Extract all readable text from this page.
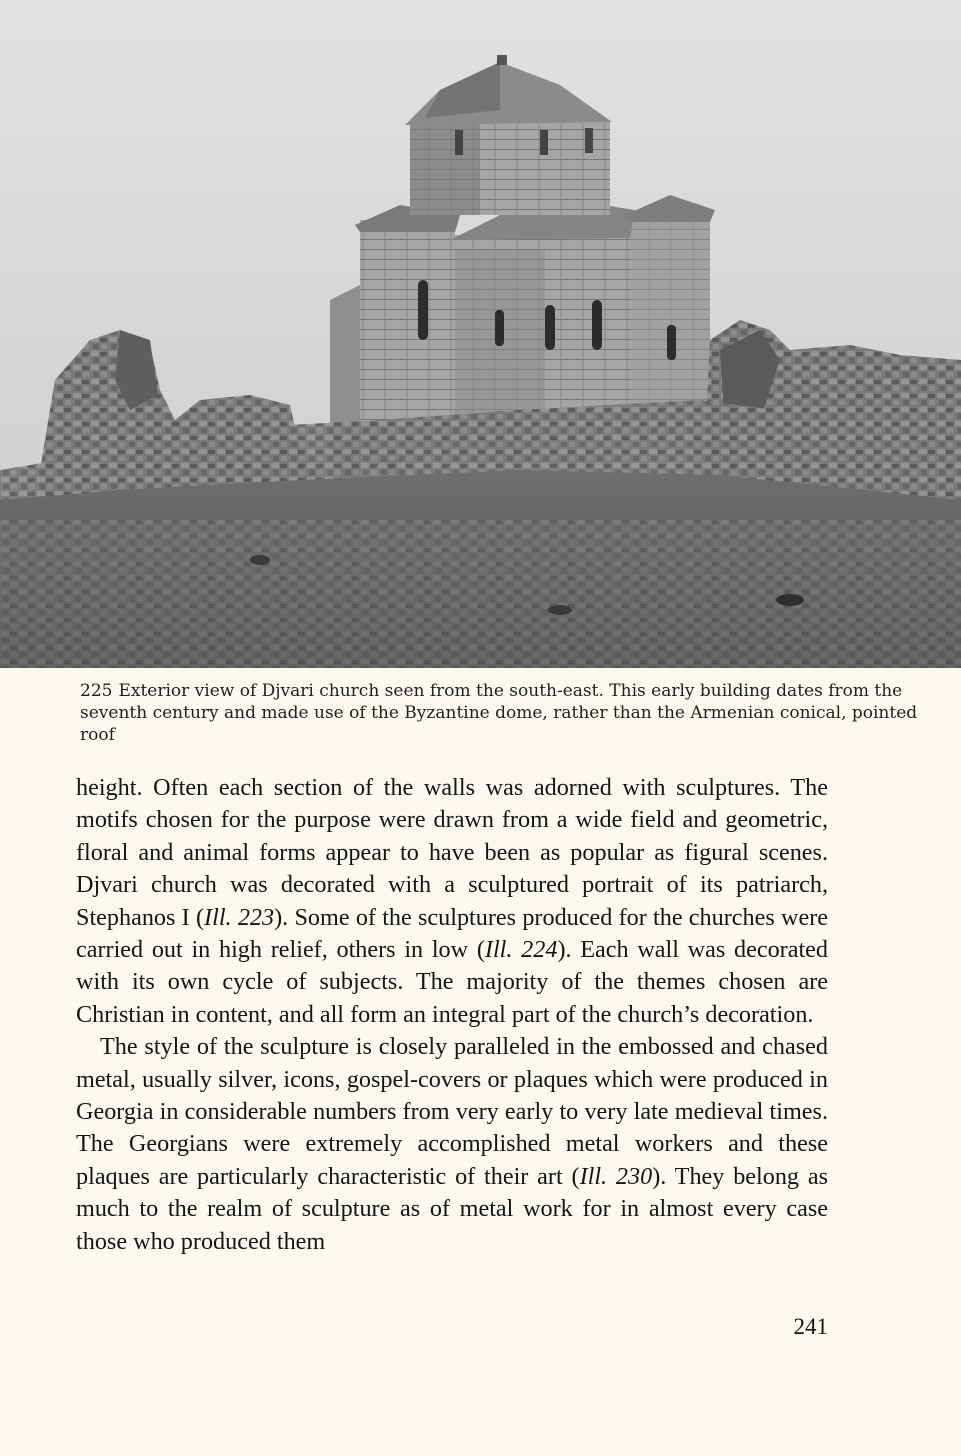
225 Exterior view of Djvari church seen from the south-east. This early building dates from the seventh century and made use of the Byzantine dome, rather than the Armenian conical, pointed roof

height. Often each section of the walls was adorned with sculptures. The motifs chosen for the purpose were drawn from a wide field and geometric, floral and animal forms appear to have been as popular as figural scenes. Djvari church was decorated with a sculptured portrait of its patriarch, Stephanos I (Ill. 223). Some of the sculptures produced for the churches were carried out in high relief, others in low (Ill. 224). Each wall was decorated with its own cycle of subjects. The majority of the themes chosen are Christian in content, and all form an integral part of the church’s decoration.

The style of the sculpture is closely paralleled in the embossed and chased metal, usually silver, icons, gospel-covers or plaques which were produced in Georgia in considerable numbers from very early to very late medieval times. The Georgians were extremely accomplished metal workers and these plaques are particularly characteristic of their art (Ill. 230). They belong as much to the realm of sculpture as of metal work for in almost every case those who produced them

241
